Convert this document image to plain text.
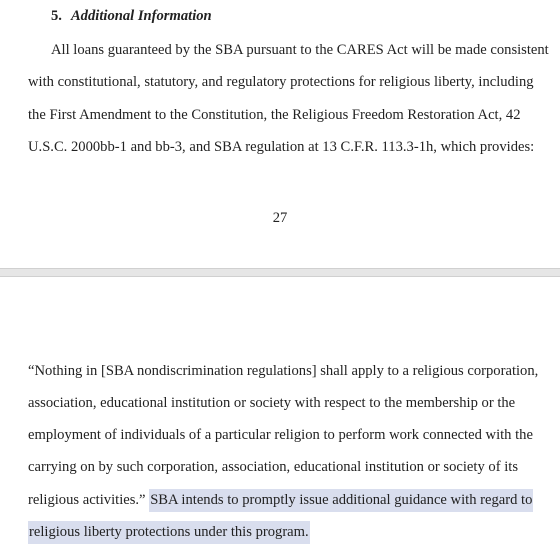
5. Additional Information
All loans guaranteed by the SBA pursuant to the CARES Act will be made consistent
with constitutional, statutory, and regulatory protections for religious liberty, including
the First Amendment to the Constitution, the Religious Freedom Restoration Act, 42
U.S.C. 2000bb-1 and bb-3, and SBA regulation at 13 C.F.R. 113.3-1h, which provides:
27
“Nothing in [SBA nondiscrimination regulations] shall apply to a religious corporation,
association, educational institution or society with respect to the membership or the
employment of individuals of a particular religion to perform work connected with the
carrying on by such corporation, association, educational institution or society of its
religious activities.” SBA intends to promptly issue additional guidance with regard to
religious liberty protections under this program.
